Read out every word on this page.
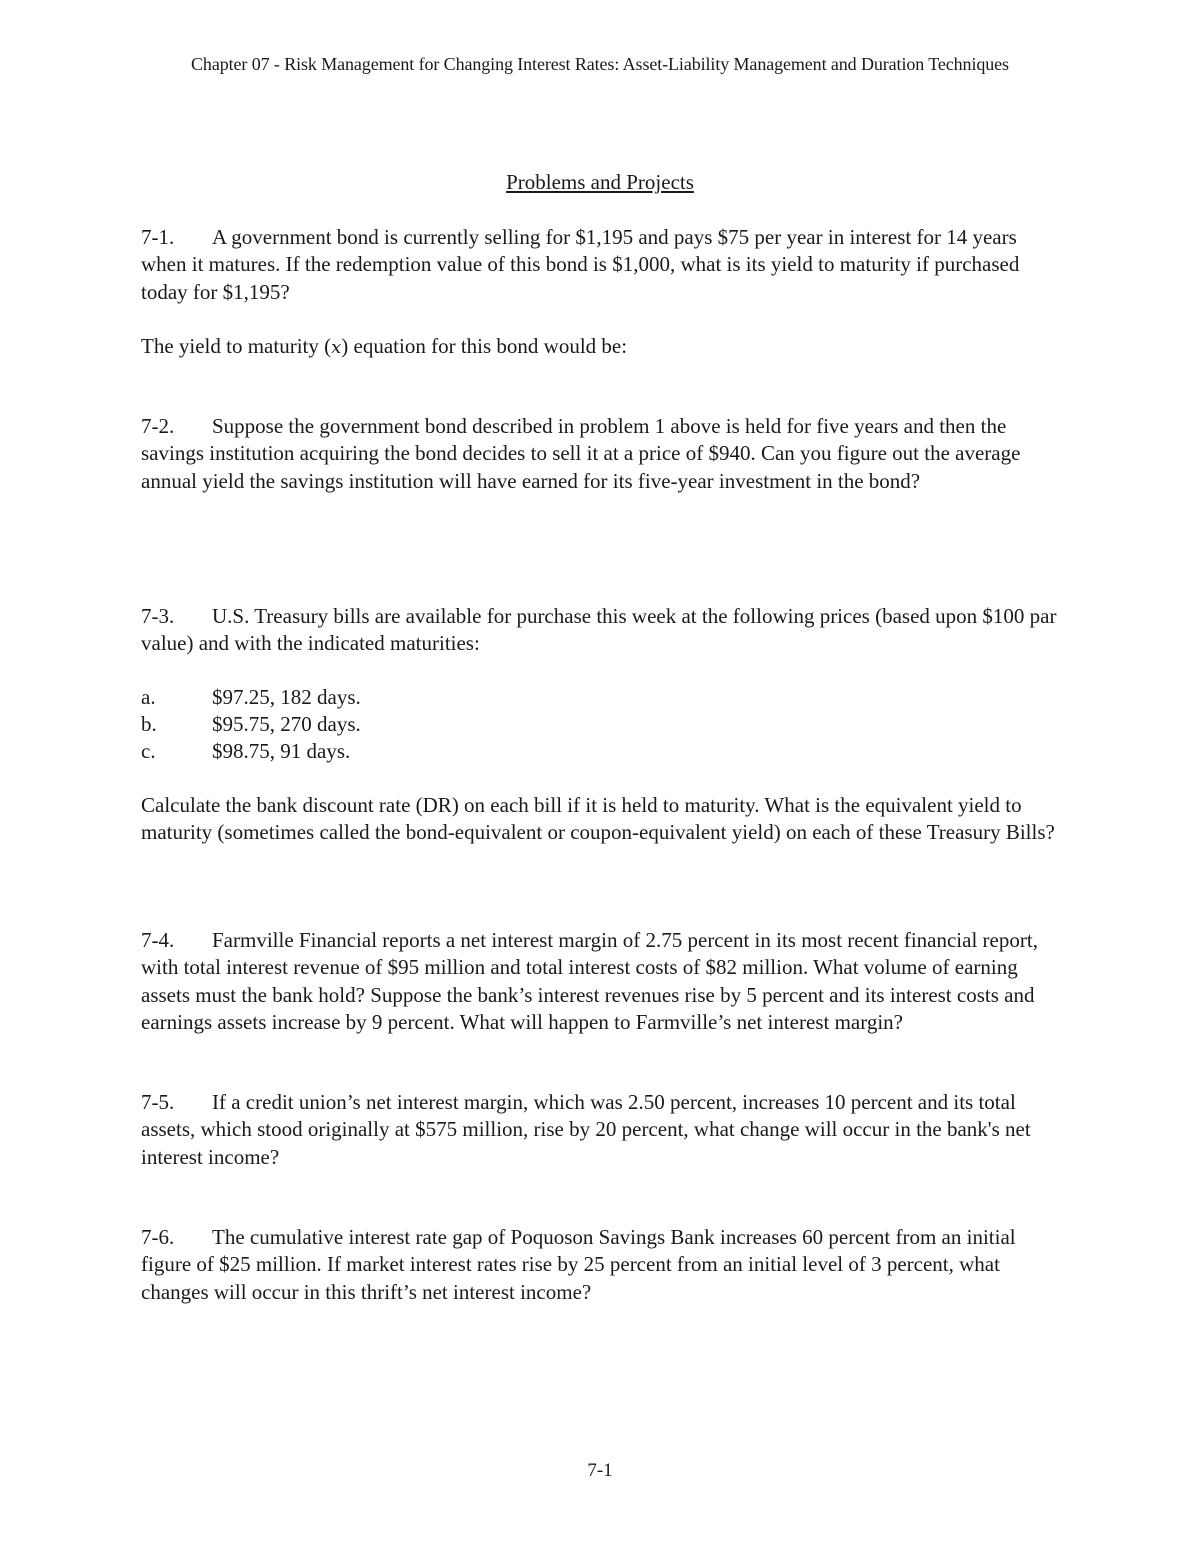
Chapter 07 - Risk Management for Changing Interest Rates: Asset-Liability Management and Duration Techniques
Problems and Projects

7-1. A government bond is currently selling for $1,195 and pays $75 per year in interest for 14 years when it matures. If the redemption value of this bond is $1,000, what is its yield to maturity if purchased today for $1,195?

The yield to maturity (x) equation for this bond would be:

7-2. Suppose the government bond described in problem 1 above is held for five years and then the savings institution acquiring the bond decides to sell it at a price of $940. Can you figure out the average annual yield the savings institution will have earned for its five-year investment in the bond?

7-3. U.S. Treasury bills are available for purchase this week at the following prices (based upon $100 par value) and with the indicated maturities:

a.	$97.25, 182 days.
b.	$95.75, 270 days.
c.	$98.75, 91 days.

Calculate the bank discount rate (DR) on each bill if it is held to maturity. What is the equivalent yield to maturity (sometimes called the bond-equivalent or coupon-equivalent yield) on each of these Treasury Bills?

7-4. Farmville Financial reports a net interest margin of 2.75 percent in its most recent financial report, with total interest revenue of $95 million and total interest costs of $82 million. What volume of earning assets must the bank hold? Suppose the bank’s interest revenues rise by 5 percent and its interest costs and earnings assets increase by 9 percent. What will happen to Farmville’s net interest margin?

7-5. If a credit union’s net interest margin, which was 2.50 percent, increases 10 percent and its total assets, which stood originally at $575 million, rise by 20 percent, what change will occur in the bank's net interest income?

7-6. The cumulative interest rate gap of Poquoson Savings Bank increases 60 percent from an initial figure of $25 million. If market interest rates rise by 25 percent from an initial level of 3 percent, what changes will occur in this thrift’s net interest income?

7-1
